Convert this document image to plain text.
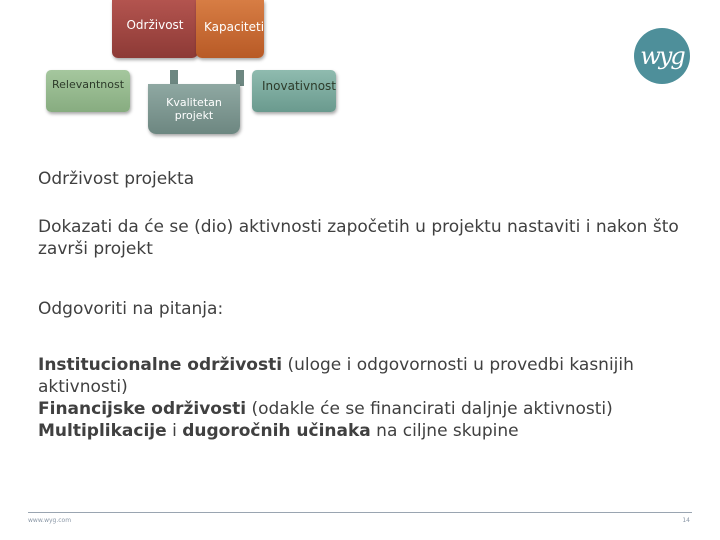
Održivost	Kapaciteti
Relevantnost	Inovativnost
Kvalitetan
projekt
wyg

Održivost projekta

Dokazati da će se (dio) aktivnosti započetih u projektu nastaviti i nakon što završi projekt

Odgovoriti na pitanja:

Institucionalne održivosti (uloge i odgovornosti u provedbi kasnijih aktivnosti)

Financijske održivosti (odakle će se financirati daljnje aktivnosti)

Multiplikacije i dugoročnih učinaka na ciljne skupine

www.wyg.com	14
